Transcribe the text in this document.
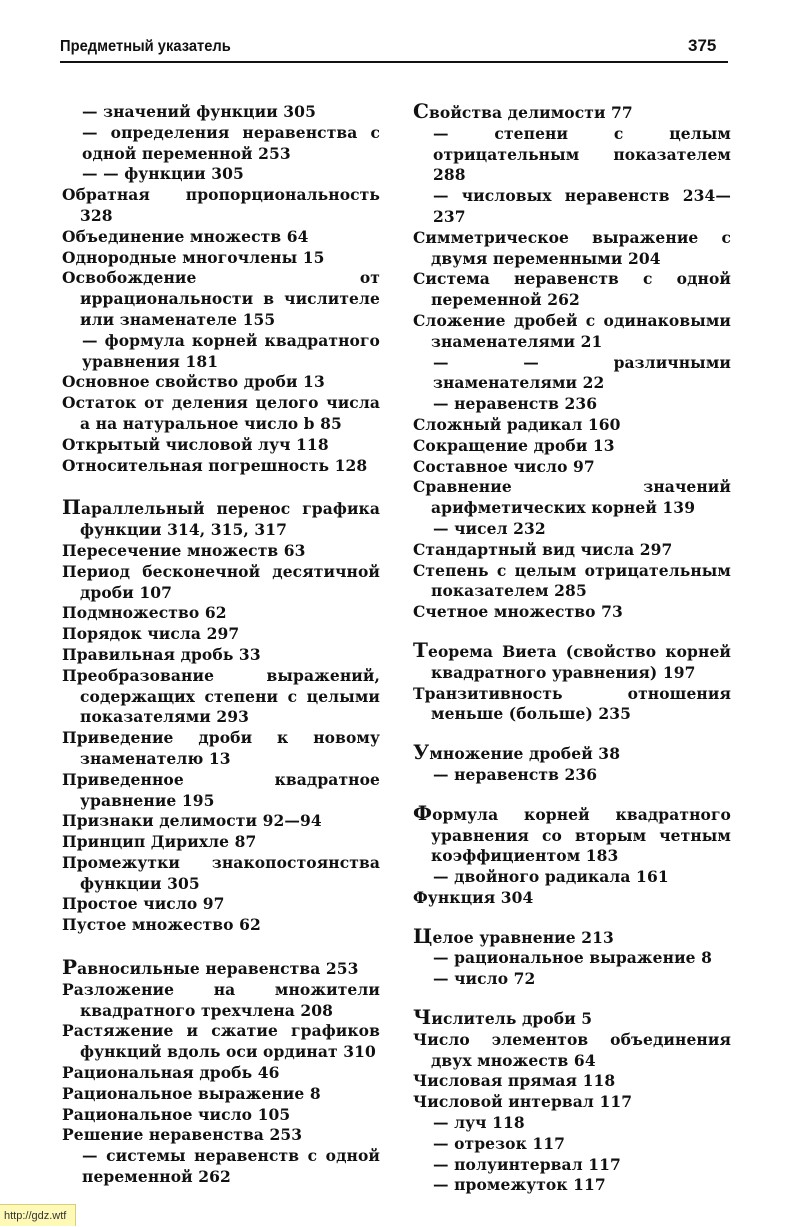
Предметный указатель	375
— значений функции 305
— определения неравенства с одной переменной 253
— — функции 305
Обратная пропорциональность 328
Объединение множеств 64
Однородные многочлены 15
Освобождение от иррациональности в числителе или знаменателе 155
— формула корней квадратного уравнения 181
Основное свойство дроби 13
Остаток от деления целого числа a на натуральное число b 85
Открытый числовой луч 118
Относительная погрешность 128
Параллельный перенос графика функции 314, 315, 317
Пересечение множеств 63
Период бесконечной десятичной дроби 107
Подмножество 62
Порядок числа 297
Правильная дробь 33
Преобразование выражений, содержащих степени с целыми показателями 293
Приведение дроби к новому знаменателю 13
Приведенное квадратное уравнение 195
Признаки делимости 92—94
Принцип Дирихле 87
Промежутки знакопостоянства функции 305
Простое число 97
Пустое множество 62
Равносильные неравенства 253
Разложение на множители квадратного трехчлена 208
Растяжение и сжатие графиков функций вдоль оси ординат 310
Рациональная дробь 46
Рациональное выражение 8
Рациональное число 105
Решение неравенства 253
— системы неравенств с одной переменной 262
Свойства делимости 77
— степени с целым отрицательным показателем 288
— числовых неравенств 234—237
Симметрическое выражение с двумя переменными 204
Система неравенств с одной переменной 262
Сложение дробей с одинаковыми знаменателями 21
— — различными знаменателями 22
— неравенств 236
Сложный радикал 160
Сокращение дроби 13
Составное число 97
Сравнение значений арифметических корней 139
— чисел 232
Стандартный вид числа 297
Степень с целым отрицательным показателем 285
Счетное множество 73
Теорема Виета (свойство корней квадратного уравнения) 197
Транзитивность отношения меньше (больше) 235
Умножение дробей 38
— неравенств 236
Формула корней квадратного уравнения со вторым четным коэффициентом 183
— двойного радикала 161
Функция 304
Целое уравнение 213
— рациональное выражение 8
— число 72
Числитель дроби 5
Число элементов объединения двух множеств 64
Числовая прямая 118
Числовой интервал 117
— луч 118
— отрезок 117
— полуинтервал 117
— промежуток 117
http://gdz.wtf
